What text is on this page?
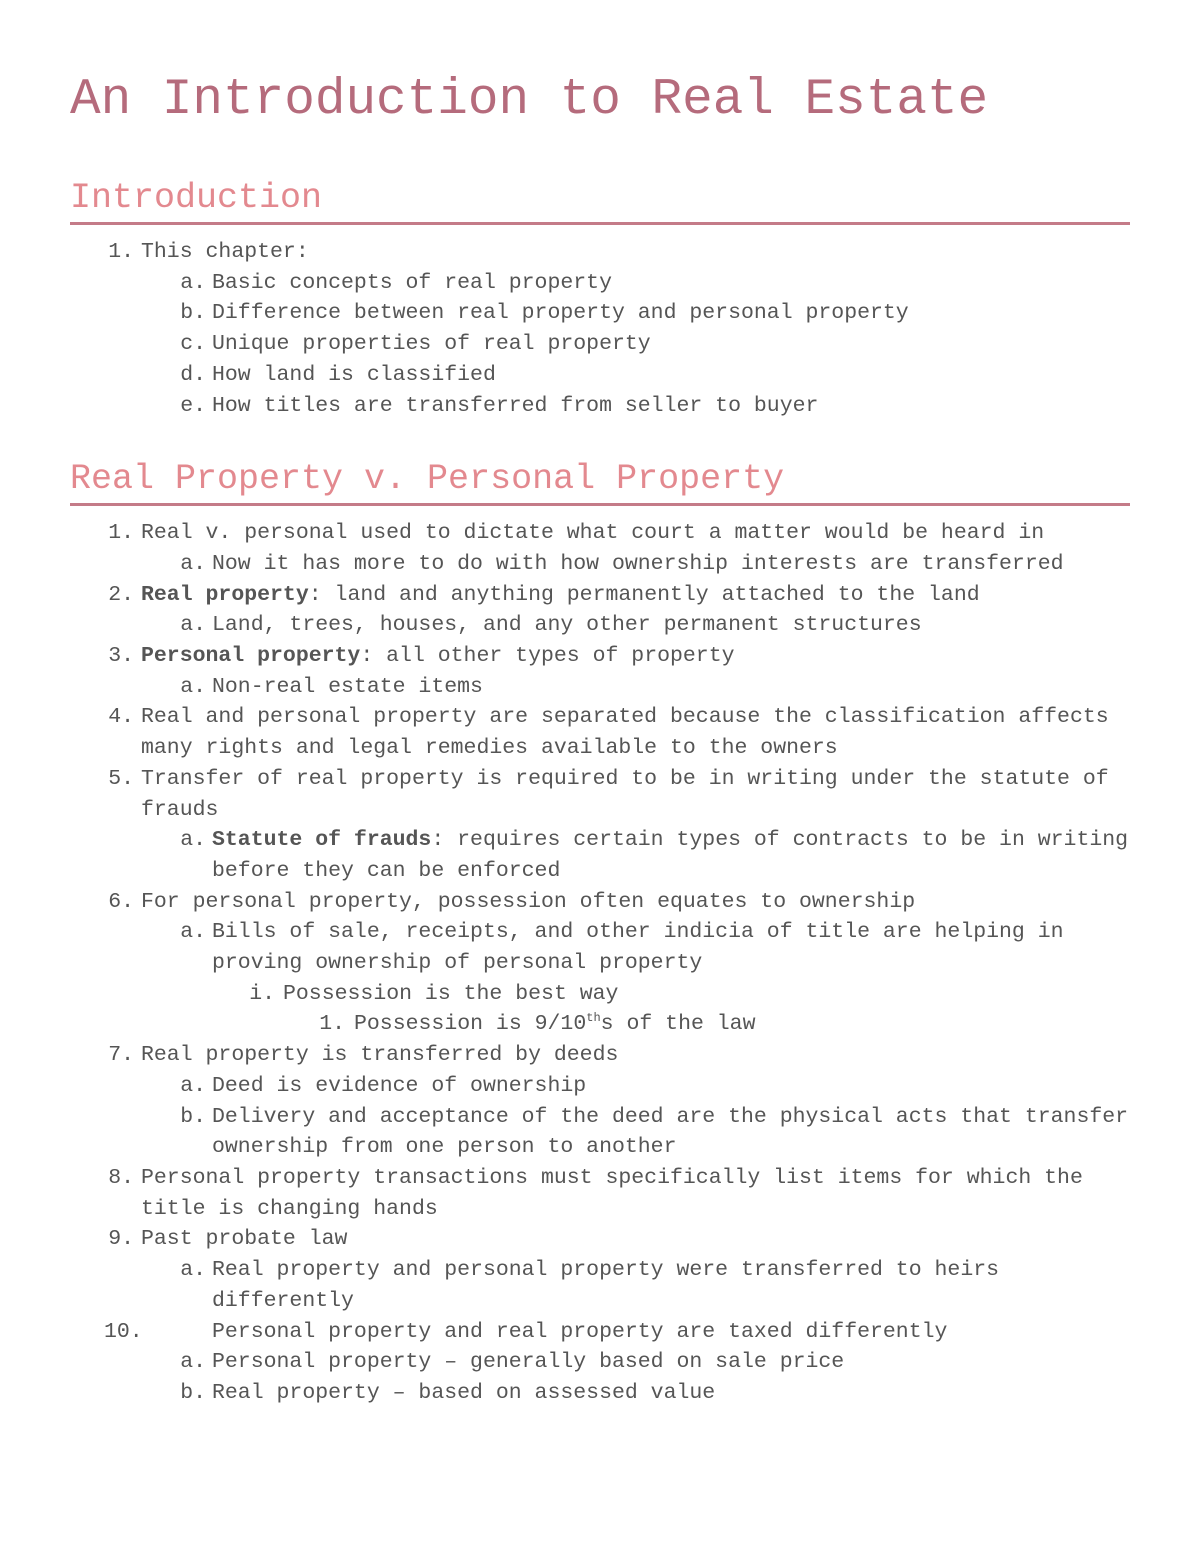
An Introduction to Real Estate
Introduction
1. This chapter:
a. Basic concepts of real property
b. Difference between real property and personal property
c. Unique properties of real property
d. How land is classified
e. How titles are transferred from seller to buyer
Real Property v. Personal Property
1. Real v. personal used to dictate what court a matter would be heard in
a. Now it has more to do with how ownership interests are transferred
2. Real property: land and anything permanently attached to the land
a. Land, trees, houses, and any other permanent structures
3. Personal property: all other types of property
a. Non-real estate items
4. Real and personal property are separated because the classification affects many rights and legal remedies available to the owners
5. Transfer of real property is required to be in writing under the statute of frauds
a. Statute of frauds: requires certain types of contracts to be in writing before they can be enforced
6. For personal property, possession often equates to ownership
a. Bills of sale, receipts, and other indicia of title are helping in proving ownership of personal property
i. Possession is the best way
1. Possession is 9/10ths of the law
7. Real property is transferred by deeds
a. Deed is evidence of ownership
b. Delivery and acceptance of the deed are the physical acts that transfer ownership from one person to another
8. Personal property transactions must specifically list items for which the title is changing hands
9. Past probate law
a. Real property and personal property were transferred to heirs differently
10.	Personal property and real property are taxed differently
a. Personal property – generally based on sale price
b. Real property – based on assessed value
